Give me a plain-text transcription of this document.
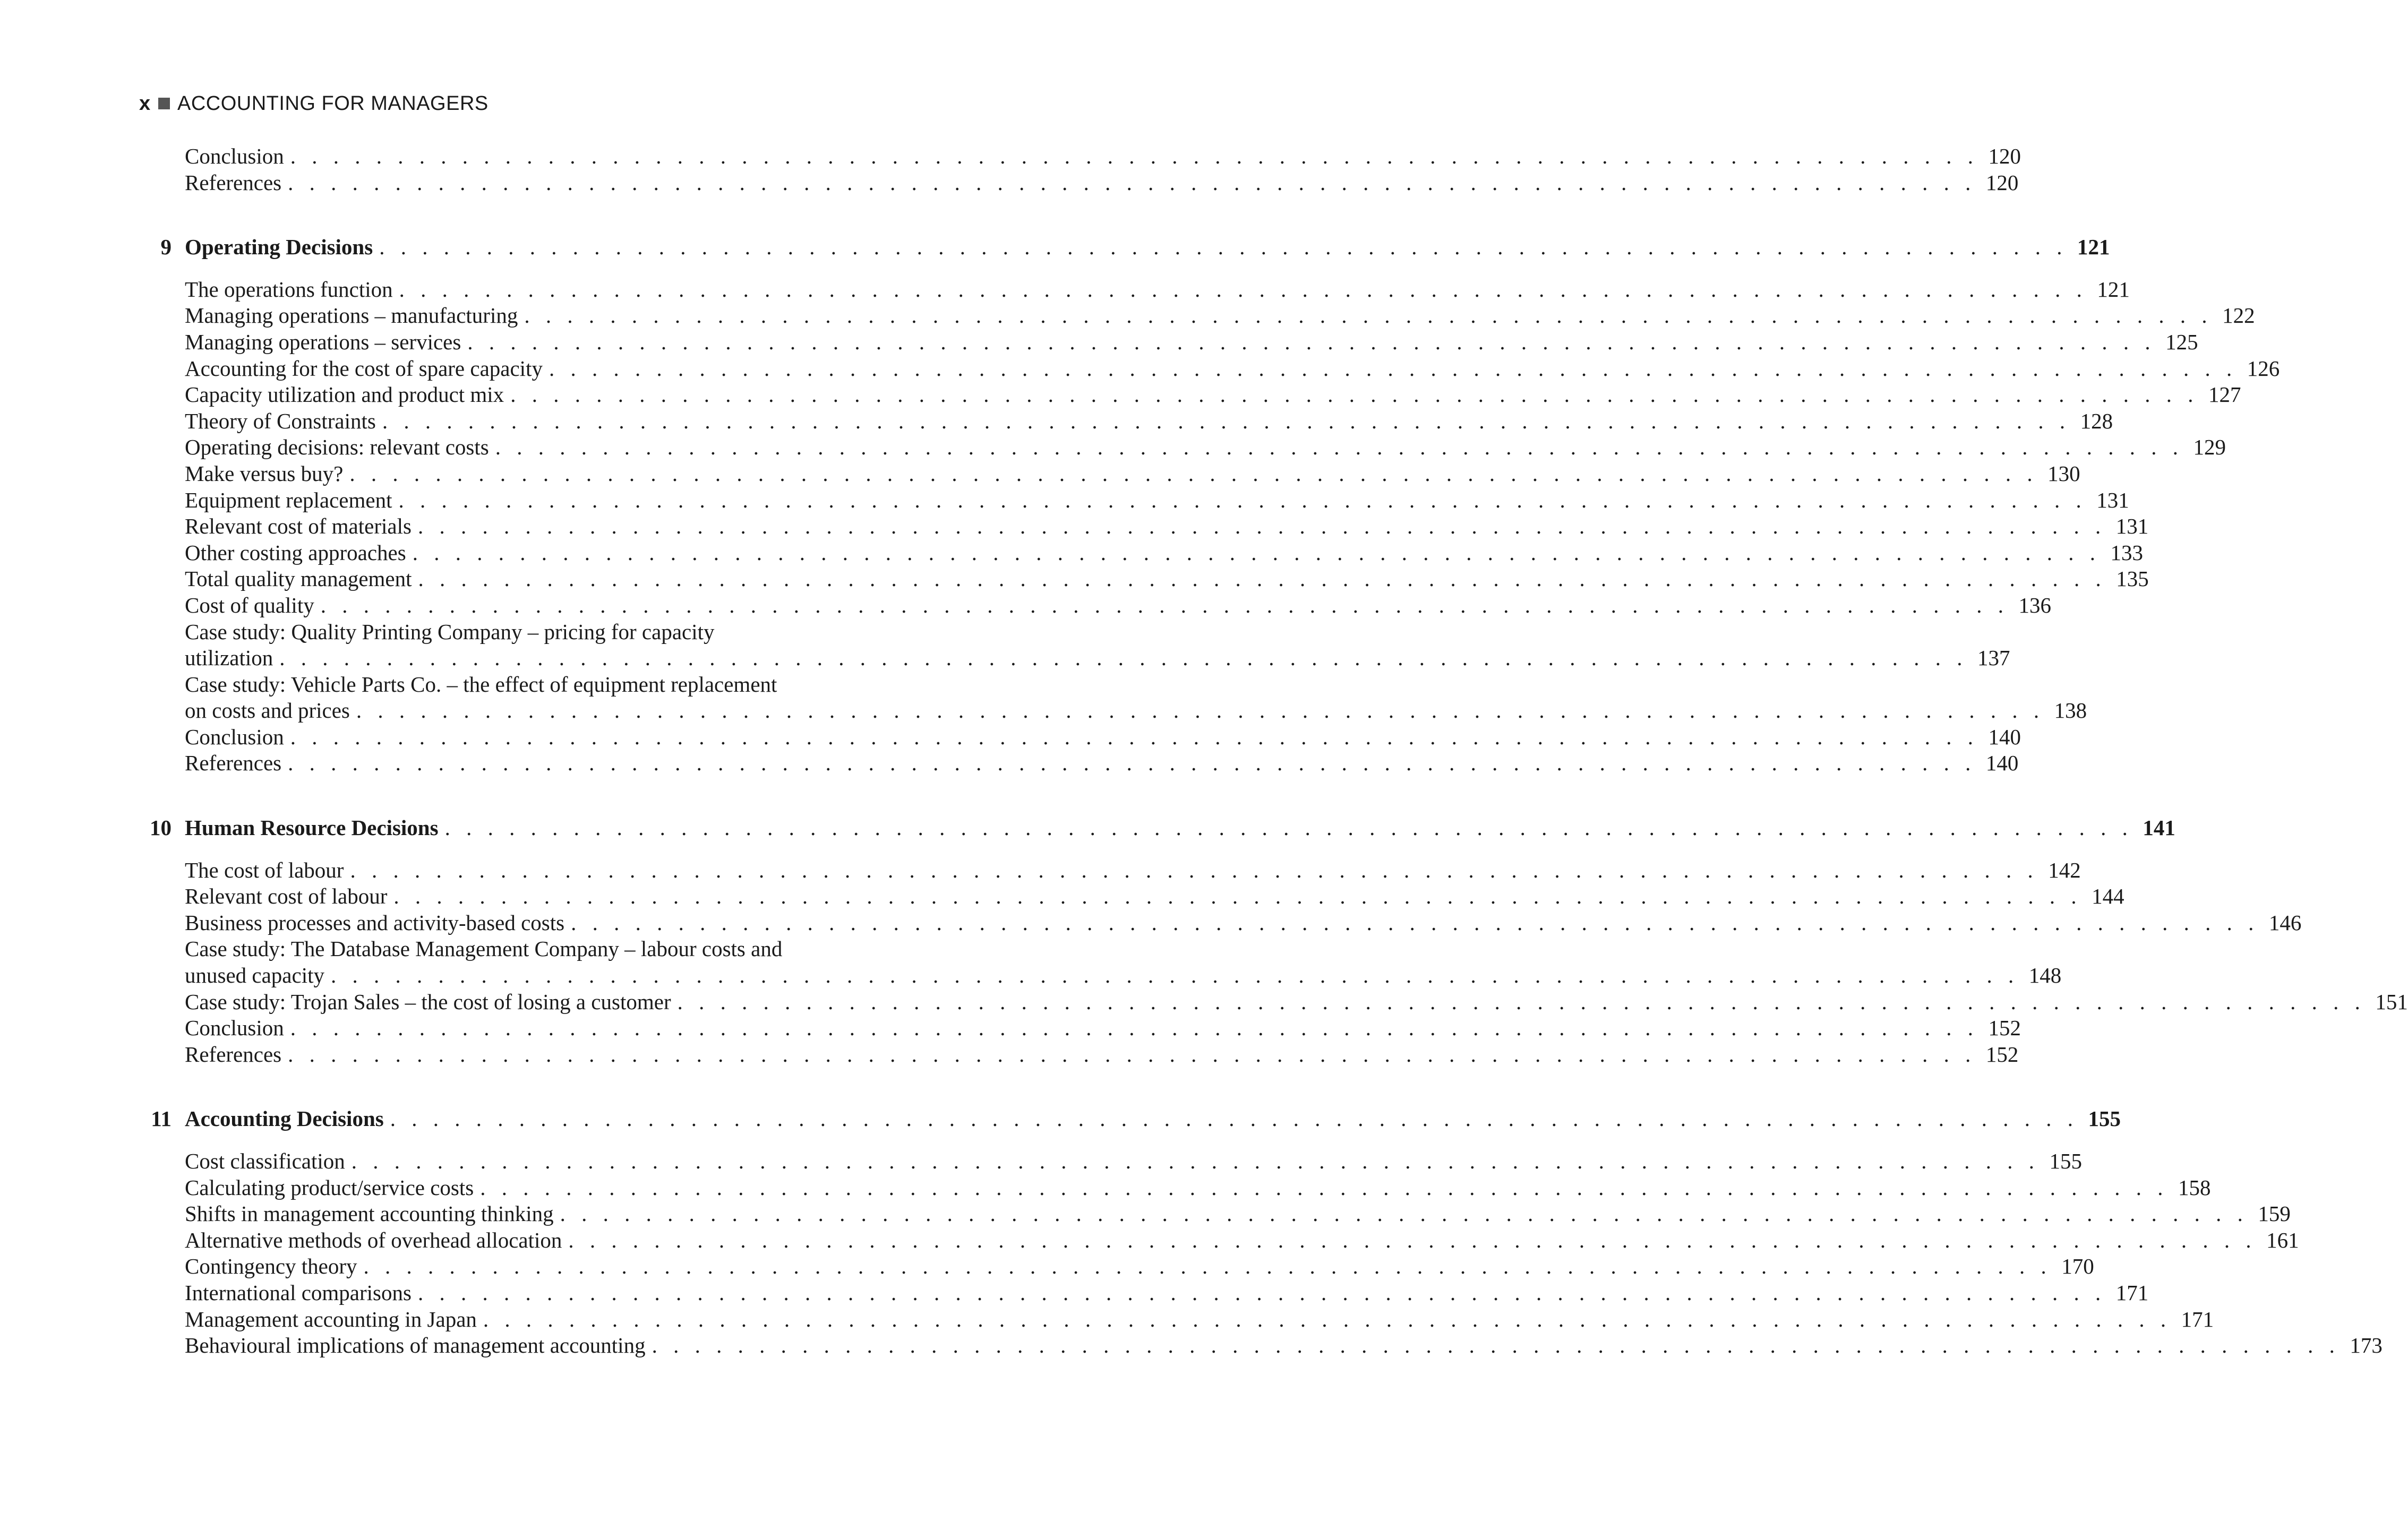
x ACCOUNTING FOR MANAGERS
Conclusion . . . . . . . . . . . . . . . . . . . . . . . . . . . . . . . . . . . . . . . . . . . . . . . . . . . . . . . . . . . . . . . . . . . . . . . . . . . . . . . 120
References . . . . . . . . . . . . . . . . . . . . . . . . . . . . . . . . . . . . . . . . . . . . . . . . . . . . . . . . . . . . . . . . . . . . . . . . . . . . . . . 120
9 Operating Decisions . . . . . . . . . . . . . . . . . . . . . . . . . . . . . . . . . . . . . . . . . . . . . . . . . . . . . . . . . . . . . . . . . . . . . . . . . . . . . . . 121
The operations function . . . . . . . . . . . . . . . . . . . . . . . . . . . . . . . . . . . . . . . . . . . . . . . . . . . . . . . . . . . . . . . . . . . . . . . . . . . . . . . 121
Managing operations – manufacturing . . . . . . . . . . . . . . . . . . . . . . . . . . . . . . . . . . . . . . . . . . . . . . . . . . . . . . . . . . . . . . . . . . . . . . . . . . . . . . . 122
Managing operations – services . . . . . . . . . . . . . . . . . . . . . . . . . . . . . . . . . . . . . . . . . . . . . . . . . . . . . . . . . . . . . . . . . . . . . . . . . . . . . . . 125
Accounting for the cost of spare capacity . . . . . . . . . . . . . . . . . . . . . . . . . . . . . . . . . . . . . . . . . . . . . . . . . . . . . . . . . . . . . . . . . . . . . . . . . . . . . . . 126
Capacity utilization and product mix . . . . . . . . . . . . . . . . . . . . . . . . . . . . . . . . . . . . . . . . . . . . . . . . . . . . . . . . . . . . . . . . . . . . . . . . . . . . . . . 127
Theory of Constraints . . . . . . . . . . . . . . . . . . . . . . . . . . . . . . . . . . . . . . . . . . . . . . . . . . . . . . . . . . . . . . . . . . . . . . . . . . . . . . . 128
Operating decisions: relevant costs . . . . . . . . . . . . . . . . . . . . . . . . . . . . . . . . . . . . . . . . . . . . . . . . . . . . . . . . . . . . . . . . . . . . . . . . . . . . . . . 129
Make versus buy? . . . . . . . . . . . . . . . . . . . . . . . . . . . . . . . . . . . . . . . . . . . . . . . . . . . . . . . . . . . . . . . . . . . . . . . . . . . . . . . 130
Equipment replacement . . . . . . . . . . . . . . . . . . . . . . . . . . . . . . . . . . . . . . . . . . . . . . . . . . . . . . . . . . . . . . . . . . . . . . . . . . . . . . . 131
Relevant cost of materials . . . . . . . . . . . . . . . . . . . . . . . . . . . . . . . . . . . . . . . . . . . . . . . . . . . . . . . . . . . . . . . . . . . . . . . . . . . . . . . 131
Other costing approaches . . . . . . . . . . . . . . . . . . . . . . . . . . . . . . . . . . . . . . . . . . . . . . . . . . . . . . . . . . . . . . . . . . . . . . . . . . . . . . . 133
Total quality management . . . . . . . . . . . . . . . . . . . . . . . . . . . . . . . . . . . . . . . . . . . . . . . . . . . . . . . . . . . . . . . . . . . . . . . . . . . . . . . 135
Cost of quality . . . . . . . . . . . . . . . . . . . . . . . . . . . . . . . . . . . . . . . . . . . . . . . . . . . . . . . . . . . . . . . . . . . . . . . . . . . . . . . 136
Case study: Quality Printing Company – pricing for capacity
utilization . . . . . . . . . . . . . . . . . . . . . . . . . . . . . . . . . . . . . . . . . . . . . . . . . . . . . . . . . . . . . . . . . . . . . . . . . . . . . . . 137
Case study: Vehicle Parts Co. – the effect of equipment replacement
on costs and prices . . . . . . . . . . . . . . . . . . . . . . . . . . . . . . . . . . . . . . . . . . . . . . . . . . . . . . . . . . . . . . . . . . . . . . . . . . . . . . . 138
Conclusion . . . . . . . . . . . . . . . . . . . . . . . . . . . . . . . . . . . . . . . . . . . . . . . . . . . . . . . . . . . . . . . . . . . . . . . . . . . . . . . 140
References . . . . . . . . . . . . . . . . . . . . . . . . . . . . . . . . . . . . . . . . . . . . . . . . . . . . . . . . . . . . . . . . . . . . . . . . . . . . . . . 140
10 Human Resource Decisions . . . . . . . . . . . . . . . . . . . . . . . . . . . . . . . . . . . . . . . . . . . . . . . . . . . . . . . . . . . . . . . . . . . . . . . . . . . . . . . 141
The cost of labour . . . . . . . . . . . . . . . . . . . . . . . . . . . . . . . . . . . . . . . . . . . . . . . . . . . . . . . . . . . . . . . . . . . . . . . . . . . . . . . 142
Relevant cost of labour . . . . . . . . . . . . . . . . . . . . . . . . . . . . . . . . . . . . . . . . . . . . . . . . . . . . . . . . . . . . . . . . . . . . . . . . . . . . . . . 144
Business processes and activity-based costs . . . . . . . . . . . . . . . . . . . . . . . . . . . . . . . . . . . . . . . . . . . . . . . . . . . . . . . . . . . . . . . . . . . . . . . . . . . . . . . 146
Case study: The Database Management Company – labour costs and
unused capacity . . . . . . . . . . . . . . . . . . . . . . . . . . . . . . . . . . . . . . . . . . . . . . . . . . . . . . . . . . . . . . . . . . . . . . . . . . . . . . . 148
Case study: Trojan Sales – the cost of losing a customer . . . . . . . . . . . . . . . . . . . . . . . . . . . . . . . . . . . . . . . . . . . . . . . . . . . . . . . . . . . . . . . . . . . . . . . . . . . . . . . 151
Conclusion . . . . . . . . . . . . . . . . . . . . . . . . . . . . . . . . . . . . . . . . . . . . . . . . . . . . . . . . . . . . . . . . . . . . . . . . . . . . . . . 152
References . . . . . . . . . . . . . . . . . . . . . . . . . . . . . . . . . . . . . . . . . . . . . . . . . . . . . . . . . . . . . . . . . . . . . . . . . . . . . . . 152
11 Accounting Decisions . . . . . . . . . . . . . . . . . . . . . . . . . . . . . . . . . . . . . . . . . . . . . . . . . . . . . . . . . . . . . . . . . . . . . . . . . . . . . . . 155
Cost classification . . . . . . . . . . . . . . . . . . . . . . . . . . . . . . . . . . . . . . . . . . . . . . . . . . . . . . . . . . . . . . . . . . . . . . . . . . . . . . . 155
Calculating product/service costs . . . . . . . . . . . . . . . . . . . . . . . . . . . . . . . . . . . . . . . . . . . . . . . . . . . . . . . . . . . . . . . . . . . . . . . . . . . . . . . 158
Shifts in management accounting thinking . . . . . . . . . . . . . . . . . . . . . . . . . . . . . . . . . . . . . . . . . . . . . . . . . . . . . . . . . . . . . . . . . . . . . . . . . . . . . . . 159
Alternative methods of overhead allocation . . . . . . . . . . . . . . . . . . . . . . . . . . . . . . . . . . . . . . . . . . . . . . . . . . . . . . . . . . . . . . . . . . . . . . . . . . . . . . . 161
Contingency theory . . . . . . . . . . . . . . . . . . . . . . . . . . . . . . . . . . . . . . . . . . . . . . . . . . . . . . . . . . . . . . . . . . . . . . . . . . . . . . . 170
International comparisons . . . . . . . . . . . . . . . . . . . . . . . . . . . . . . . . . . . . . . . . . . . . . . . . . . . . . . . . . . . . . . . . . . . . . . . . . . . . . . . 171
Management accounting in Japan . . . . . . . . . . . . . . . . . . . . . . . . . . . . . . . . . . . . . . . . . . . . . . . . . . . . . . . . . . . . . . . . . . . . . . . . . . . . . . . 171
Behavioural implications of management accounting . . . . . . . . . . . . . . . . . . . . . . . . . . . . . . . . . . . . . . . . . . . . . . . . . . . . . . . . . . . . . . . . . . . . . . . . . . . . . . . 173
